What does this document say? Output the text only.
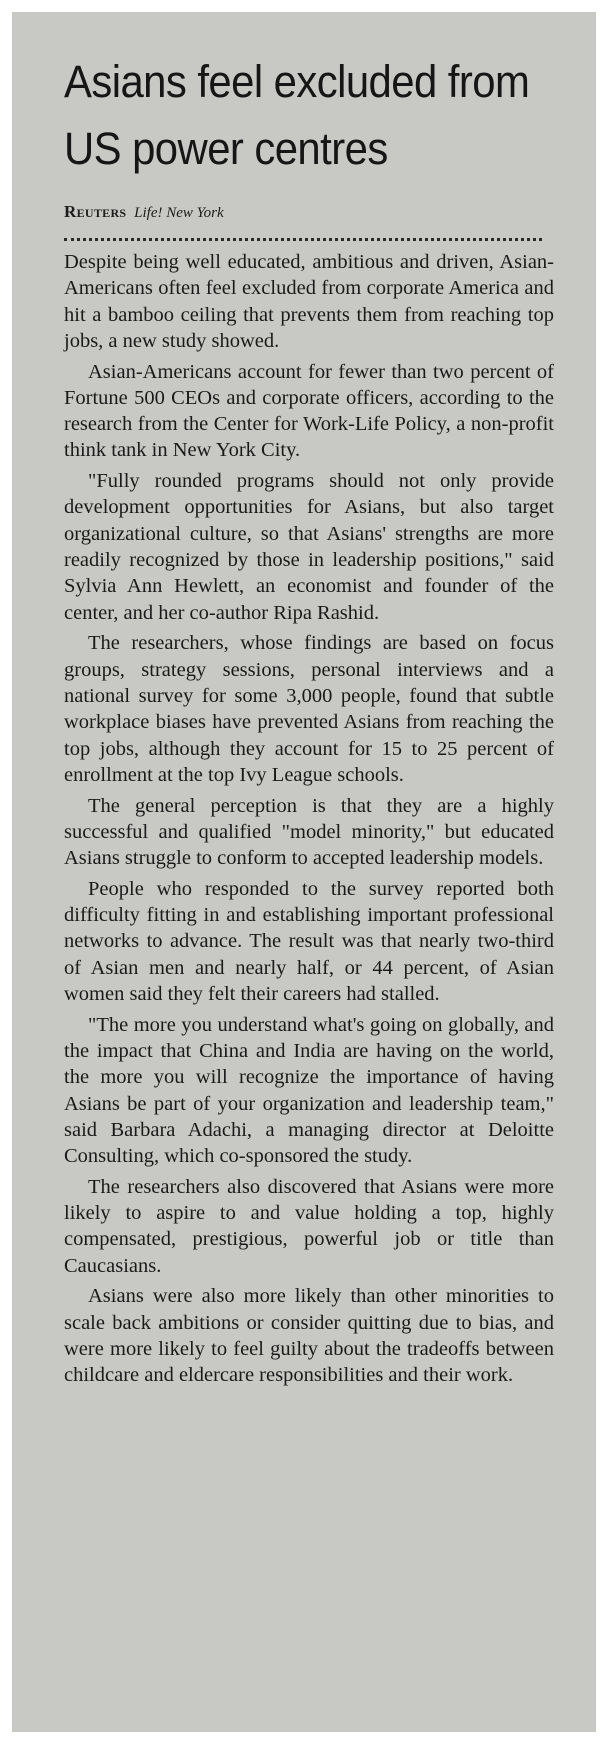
Asians feel excluded from US power centres
Reuters Life! New York

Despite being well educated, ambitious and driven, Asian-Americans often feel excluded from corporate America and hit a bamboo ceiling that prevents them from reaching top jobs, a new study showed.

Asian-Americans account for fewer than two percent of Fortune 500 CEOs and corporate officers, according to the research from the Center for Work-Life Policy, a non-profit think tank in New York City.

"Fully rounded programs should not only provide development opportunities for Asians, but also target organizational culture, so that Asians' strengths are more readily recognized by those in leadership positions," said Sylvia Ann Hewlett, an economist and founder of the center, and her co-author Ripa Rashid.

The researchers, whose findings are based on focus groups, strategy sessions, personal interviews and a national survey for some 3,000 people, found that subtle workplace biases have prevented Asians from reaching the top jobs, although they account for 15 to 25 percent of enrollment at the top Ivy League schools.

The general perception is that they are a highly successful and qualified "model minority," but educated Asians struggle to conform to accepted leadership models.

People who responded to the survey reported both difficulty fitting in and establishing important professional networks to advance. The result was that nearly two-third of Asian men and nearly half, or 44 percent, of Asian women said they felt their careers had stalled.

"The more you understand what's going on globally, and the impact that China and India are having on the world, the more you will recognize the importance of having Asians be part of your organization and leadership team," said Barbara Adachi, a managing director at Deloitte Consulting, which co-sponsored the study.

The researchers also discovered that Asians were more likely to aspire to and value holding a top, highly compensated, prestigious, powerful job or title than Caucasians.

Asians were also more likely than other minorities to scale back ambitions or consider quitting due to bias, and were more likely to feel guilty about the tradeoffs between childcare and eldercare responsibilities and their work.
